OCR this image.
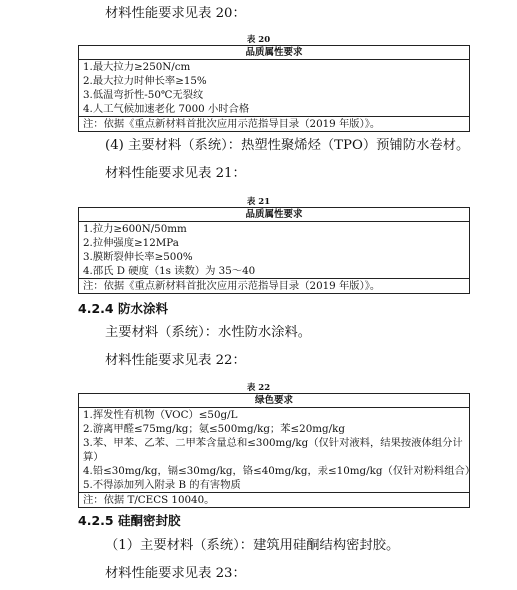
材料性能要求见表 20：
表 20
品质属性要求
1.最大拉力≥250N/cm
2.最大拉力时伸长率≥15%
3.低温弯折性-50℃无裂纹
4.人工气候加速老化 7000 小时合格
注：依据《重点新材料首批次应用示范指导目录（2019 年版）》。
(4) 主要材料（系统）：热塑性聚烯烃（TPO）预铺防水卷材。
材料性能要求见表 21：
表 21
品质属性要求
1.拉力≥600N/50mm
2.拉伸强度≥12MPa
3.膜断裂伸长率≥500%
4.邵氏 D 硬度（1s 读数）为 35～40
注：依据《重点新材料首批次应用示范指导目录（2019 年版）》。
4.2.4 防水涂料
主要材料（系统）：水性防水涂料。
材料性能要求见表 22：
表 22
绿色要求
1.挥发性有机物（VOC）≤50g/L
2.游离甲醛≤75mg/kg；氨≤500mg/kg；苯≤20mg/kg
3.苯、甲苯、乙苯、二甲苯含量总和≤300mg/kg（仅针对液料，结果按液体组分计算）
4.铅≤30mg/kg，镉≤30mg/kg，铬≤40mg/kg，汞≤10mg/kg（仅针对粉料组合）
5.不得添加列入附录 B 的有害物质
注：依据 T/CECS 10040。
4.2.5 硅酮密封胶
（1）主要材料（系统）：建筑用硅酮结构密封胶。
材料性能要求见表 23：
